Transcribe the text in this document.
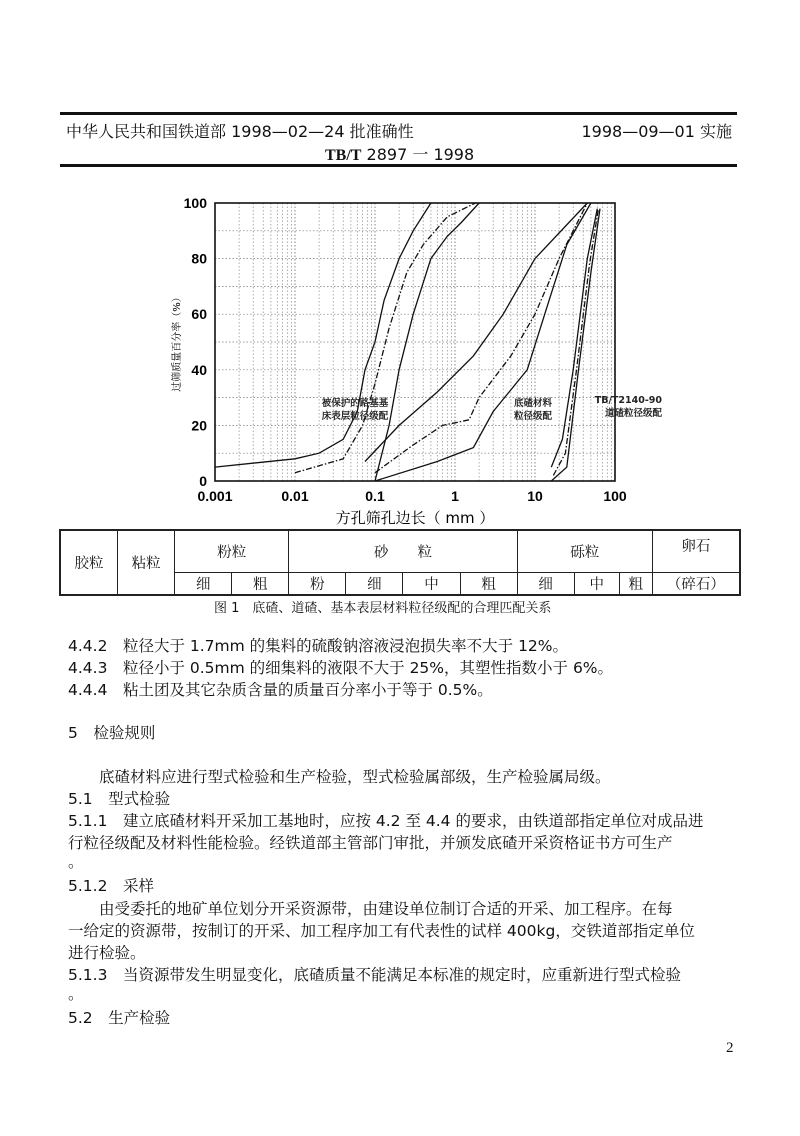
中华人民共和国铁道部 1998—02—24 批准确性	1998—09—01 实施
TB/T 2897 一 1998
0
20
40
60
80
100
0.001	0.01	0.1	1	10	100
方孔筛孔边长（ mm ）
过筛质量百分率（%）
被保护的路基基
床表层粒径级配
底碴材料
粒径级配
TB/T2140-90
道碴粒径级配
胶粒	粘粒	粉粒		砂　　粒				砾粒			卵石
		细	粗	粉	细	中	粗	细	中	粗	（碎石）
图 1　底碴、道碴、基本表层材料粒径级配的合理匹配关系
4.4.2　粒径大于 1.7mm 的集料的硫酸钠溶液浸泡损失率不大于 12%。
4.4.3　粒径小于 0.5mm 的细集料的液限不大于 25%，其塑性指数小于 6%。
4.4.4　粘土团及其它杂质含量的质量百分率小于等于 0.5%。
5　检验规则
　　底碴材料应进行型式检验和生产检验，型式检验属部级，生产检验属局级。
5.1　型式检验
5.1.1　建立底碴材料开采加工基地时，应按 4.2 至 4.4 的要求，由铁道部指定单位对成品进
行粒径级配及材料性能检验。经铁道部主管部门审批，并颁发底碴开采资格证书方可生产
。
5.1.2　采样
　　由受委托的地矿单位划分开采资源带，由建设单位制订合适的开采、加工程序。在每
一给定的资源带，按制订的开采、加工程序加工有代表性的试样 400kg，交铁道部指定单位
进行检验。
5.1.3　当资源带发生明显变化，底碴质量不能满足本标准的规定时，应重新进行型式检验
。
5.2　生产检验
2
